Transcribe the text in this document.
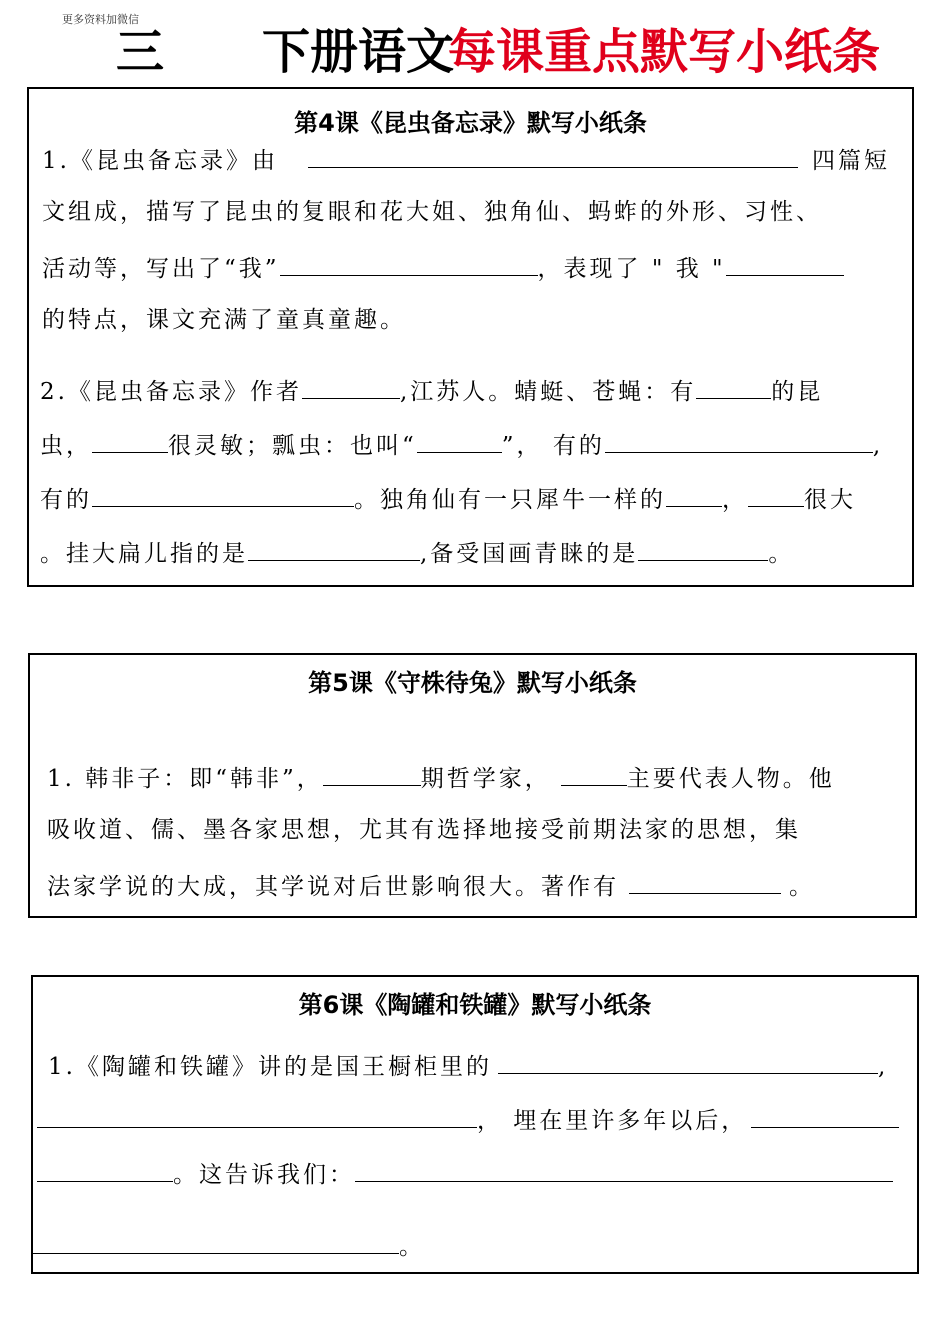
更多资料加微信
三 下册语文
每课重点默写小纸条
第4课《昆虫备忘录》默写小纸条
1.《昆虫备忘录》由	四篇短
文组成，描写了昆虫的复眼和花大姐、独角仙、蚂蚱的外形、习性、
活动等，写出了“我”	，表现了 " 我 "
的特点，课文充满了童真童趣。
2.《昆虫备忘录》作者	,江苏人。蜻蜓、苍蝇：有	的昆
虫，	很灵敏；瓢虫：也叫“	”， 有的	,
有的	。独角仙有一只犀牛一样的 ， 很大
。挂大扁儿指的是	,备受国画青睐的是	。
第5课《守株待兔》默写小纸条
1. 韩非子：即“韩非”，	期哲学家，	主要代表人物。他
吸收道、儒、墨各家思想，尤其有选择地接受前期法家的思想，集
法家学说的大成，其学说对后世影响很大。著作有	。
第6课《陶罐和铁罐》默写小纸条
1.《陶罐和铁罐》讲的是国王橱柜里的	,
， 埋在里许多年以后，
。这告诉我们：
。
